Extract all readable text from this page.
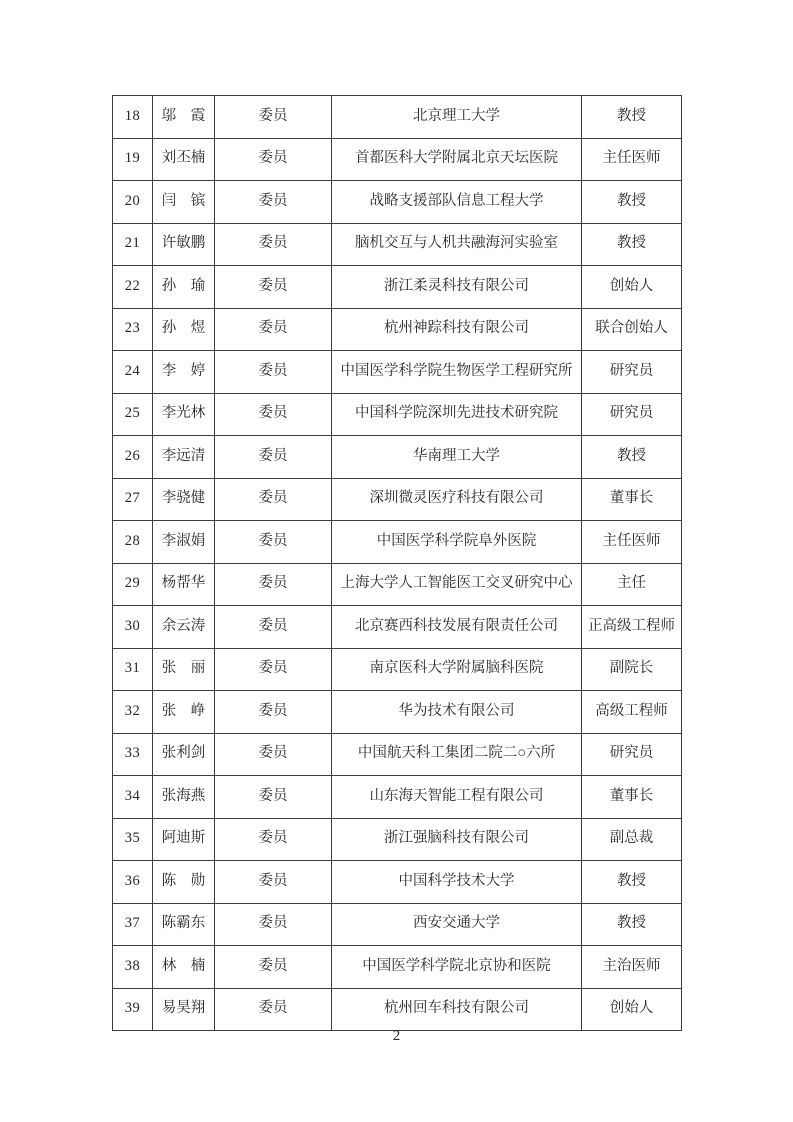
18	邬　霞	委员	北京理工大学	教授
19	刘丕楠	委员	首都医科大学附属北京天坛医院	主任医师
20	闫　镔	委员	战略支援部队信息工程大学	教授
21	许敏鹏	委员	脑机交互与人机共融海河实验室	教授
22	孙　瑜	委员	浙江柔灵科技有限公司	创始人
23	孙　煜	委员	杭州神踪科技有限公司	联合创始人
24	李　婷	委员	中国医学科学院生物医学工程研究所	研究员
25	李光林	委员	中国科学院深圳先进技术研究院	研究员
26	李远清	委员	华南理工大学	教授
27	李骁健	委员	深圳微灵医疗科技有限公司	董事长
28	李淑娟	委员	中国医学科学院阜外医院	主任医师
29	杨帮华	委员	上海大学人工智能医工交叉研究中心	主任
30	余云涛	委员	北京赛西科技发展有限责任公司	正高级工程师
31	张　丽	委员	南京医科大学附属脑科医院	副院长
32	张　峥	委员	华为技术有限公司	高级工程师
33	张利剑	委员	中国航天科工集团二院二○六所	研究员
34	张海燕	委员	山东海天智能工程有限公司	董事长
35	阿迪斯	委员	浙江强脑科技有限公司	副总裁
36	陈　勋	委员	中国科学技术大学	教授
37	陈霸东	委员	西安交通大学	教授
38	林　楠	委员	中国医学科学院北京协和医院	主治医师
39	易昊翔	委员	杭州回车科技有限公司	创始人
2
